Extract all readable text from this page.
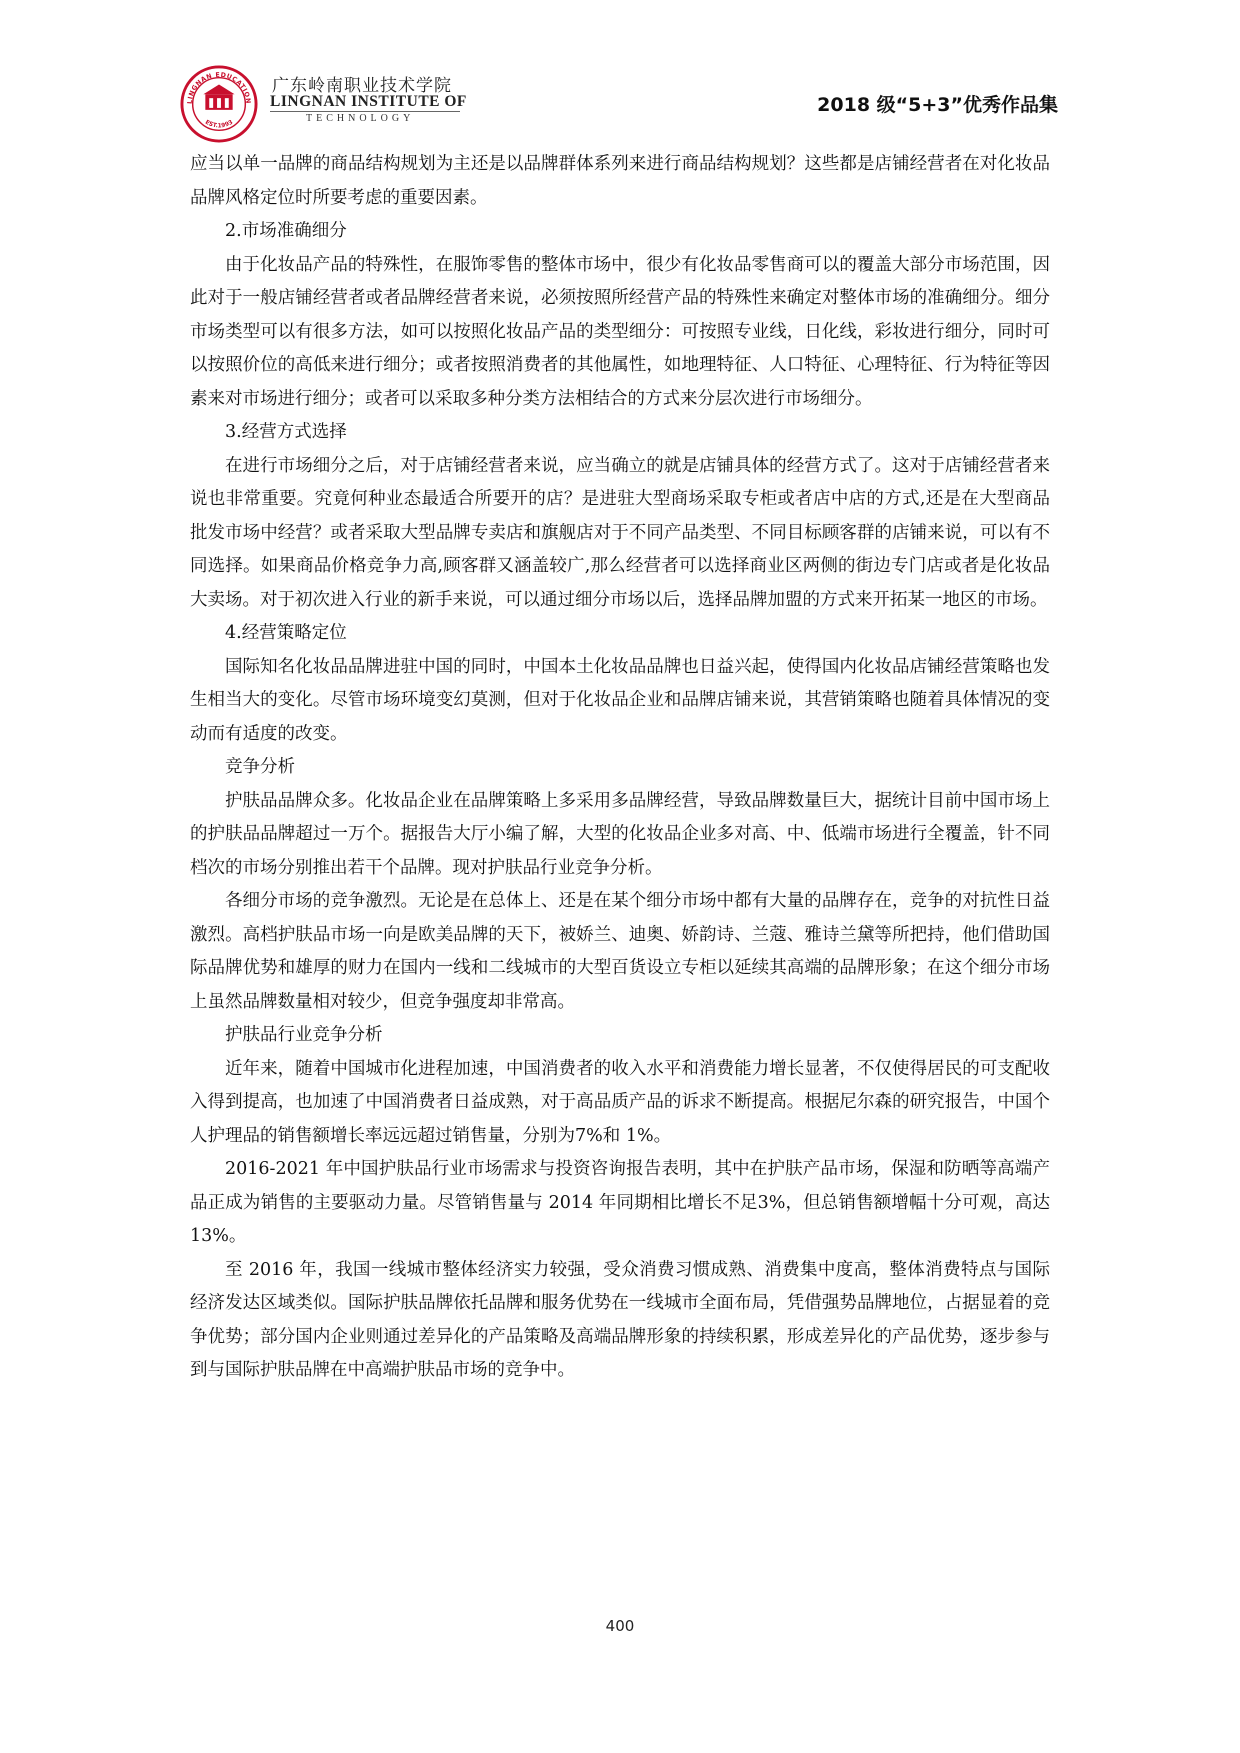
LINGNAN EDUCATION
EST.1993
广东岭南职业技术学院
LINGNAN INSTITUTE OF
TECHNOLOGY
2018 级“5+3”优秀作品集

应当以单一品牌的商品结构规划为主还是以品牌群体系列来进行商品结构规划？这些都是店铺经营者在对化妆品品牌风格定位时所要考虑的重要因素。

2.市场准确细分

由于化妆品产品的特殊性，在服饰零售的整体市场中，很少有化妆品零售商可以的覆盖大部分市场范围，因此对于一般店铺经营者或者品牌经营者来说，必须按照所经营产品的特殊性来确定对整体市场的准确细分。细分市场类型可以有很多方法，如可以按照化妆品产品的类型细分：可按照专业线，日化线，彩妆进行细分，同时可以按照价位的高低来进行细分；或者按照消费者的其他属性，如地理特征、人口特征、心理特征、行为特征等因素来对市场进行细分；或者可以采取多种分类方法相结合的方式来分层次进行市场细分。

3.经营方式选择

在进行市场细分之后，对于店铺经营者来说，应当确立的就是店铺具体的经营方式了。这对于店铺经营者来说也非常重要。究竟何种业态最适合所要开的店？是进驻大型商场采取专柜或者店中店的方式,还是在大型商品批发市场中经营？或者采取大型品牌专卖店和旗舰店对于不同产品类型、不同目标顾客群的店铺来说，可以有不同选择。如果商品价格竞争力高,顾客群又涵盖较广,那么经营者可以选择商业区两侧的街边专门店或者是化妆品大卖场。对于初次进入行业的新手来说，可以通过细分市场以后，选择品牌加盟的方式来开拓某一地区的市场。

4.经营策略定位

国际知名化妆品品牌进驻中国的同时，中国本土化妆品品牌也日益兴起，使得国内化妆品店铺经营策略也发生相当大的变化。尽管市场环境变幻莫测，但对于化妆品企业和品牌店铺来说，其营销策略也随着具体情况的变动而有适度的改变。

竞争分析

护肤品品牌众多。化妆品企业在品牌策略上多采用多品牌经营，导致品牌数量巨大，据统计目前中国市场上的护肤品品牌超过一万个。据报告大厅小编了解，大型的化妆品企业多对高、中、低端市场进行全覆盖，针不同档次的市场分别推出若干个品牌。现对护肤品行业竞争分析。

各细分市场的竞争激烈。无论是在总体上、还是在某个细分市场中都有大量的品牌存在，竞争的对抗性日益激烈。高档护肤品市场一向是欧美品牌的天下，被娇兰、迪奥、娇韵诗、兰蔻、雅诗兰黛等所把持，他们借助国际品牌优势和雄厚的财力在国内一线和二线城市的大型百货设立专柜以延续其高端的品牌形象；在这个细分市场上虽然品牌数量相对较少，但竞争强度却非常高。

护肤品行业竞争分析

近年来，随着中国城市化进程加速，中国消费者的收入水平和消费能力增长显著，不仅使得居民的可支配收入得到提高，也加速了中国消费者日益成熟，对于高品质产品的诉求不断提高。根据尼尔森的研究报告，中国个人护理品的销售额增长率远远超过销售量，分别为7%和 1%。

2016-2021 年中国护肤品行业市场需求与投资咨询报告表明，其中在护肤产品市场，保湿和防晒等高端产品正成为销售的主要驱动力量。尽管销售量与 2014 年同期相比增长不足3%，但总销售额增幅十分可观，高达 13%。

至 2016 年，我国一线城市整体经济实力较强，受众消费习惯成熟、消费集中度高，整体消费特点与国际经济发达区域类似。国际护肤品牌依托品牌和服务优势在一线城市全面布局，凭借强势品牌地位，占据显着的竞争优势；部分国内企业则通过差异化的产品策略及高端品牌形象的持续积累，形成差异化的产品优势，逐步参与到与国际护肤品牌在中高端护肤品市场的竞争中。

400
